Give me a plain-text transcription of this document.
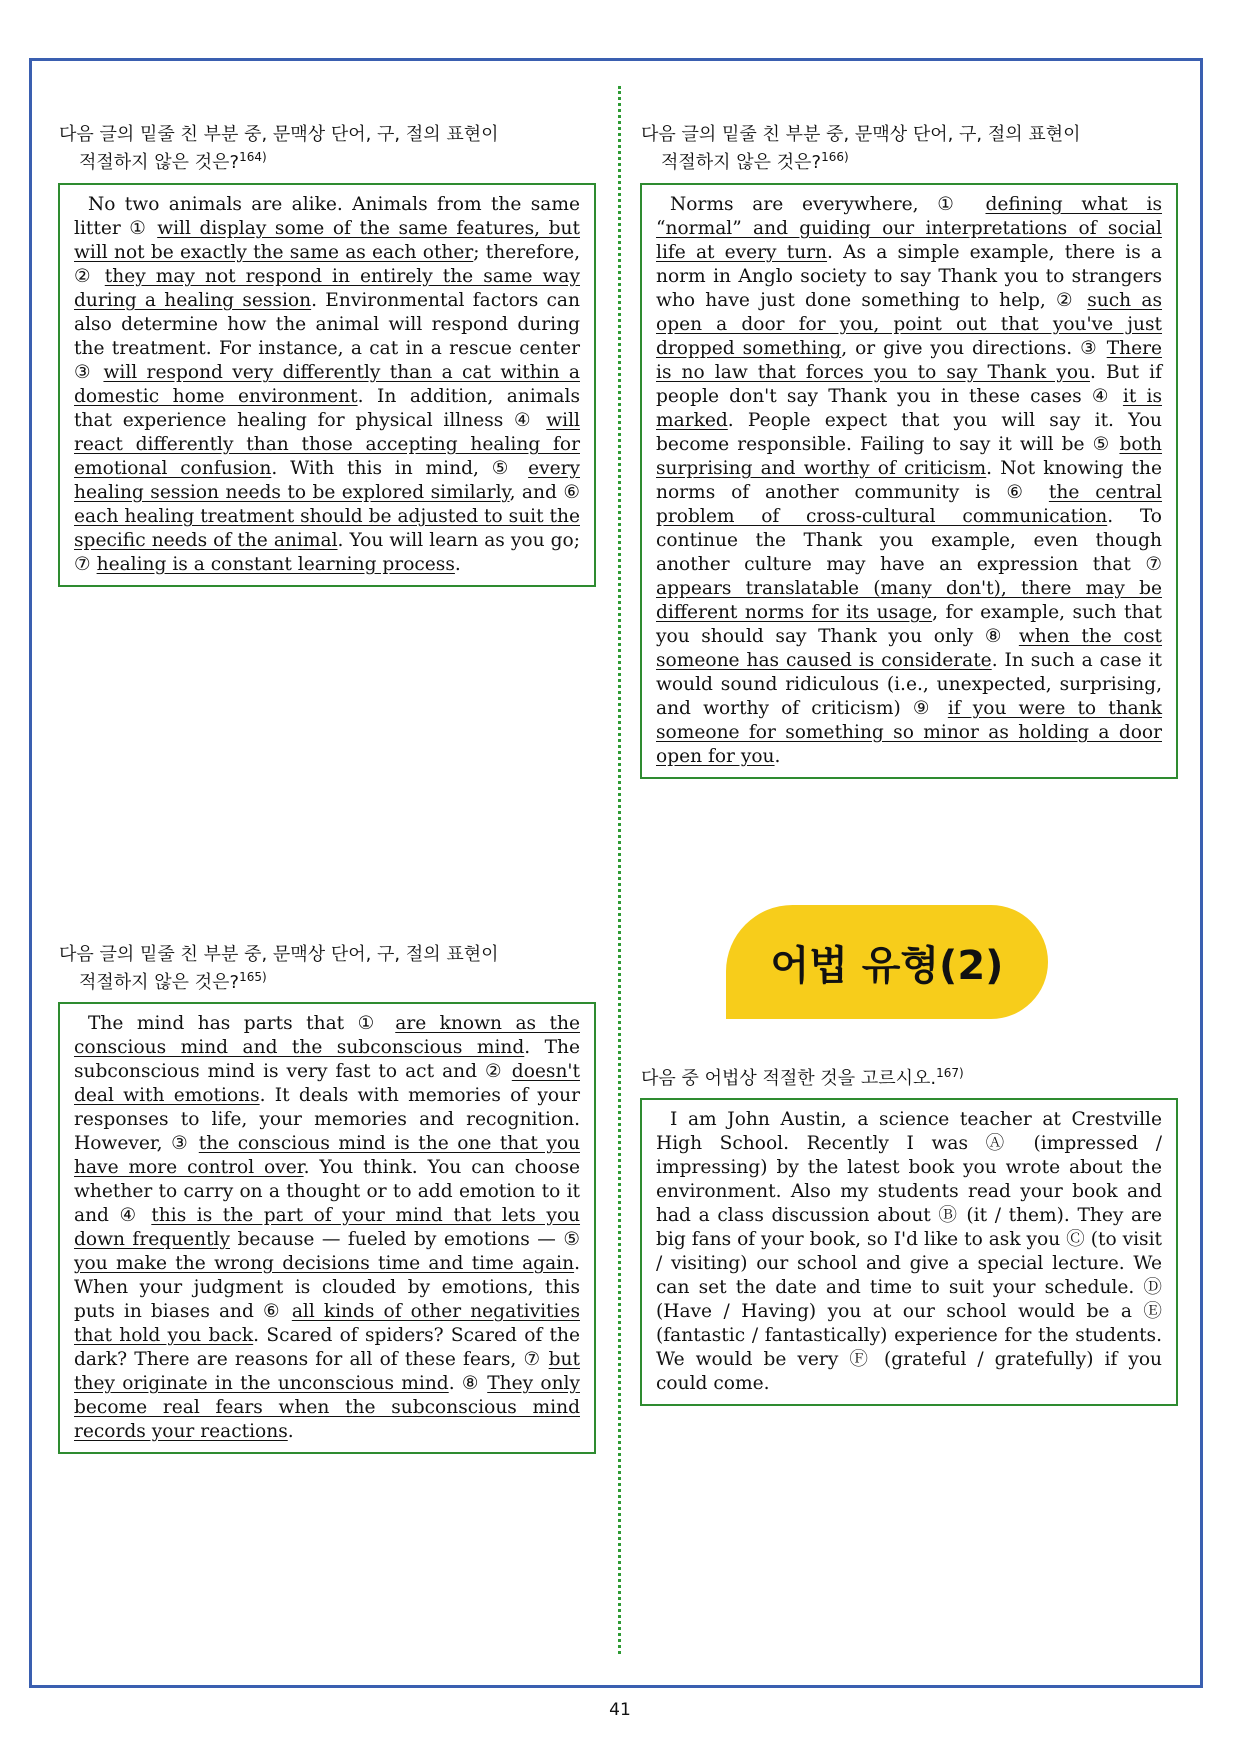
다음 글의 밑줄 친 부분 중, 문맥상 단어, 구, 절의 표현이
적절하지 않은 것은?$^{164)}$

No two animals are alike. Animals from the same litter ① will display some of the same features, but will not be exactly the same as each other; therefore, ② they may not respond in entirely the same way during a healing session. Environmental factors can also determine how the animal will respond during the treatment. For instance, a cat in a rescue center ③ will respond very differently than a cat within a domestic home environment. In addition, animals that experience healing for physical illness ④ will react differently than those accepting healing for emotional confusion. With this in mind, ⑤ every healing session needs to be explored similarly, and ⑥ each healing treatment should be adjusted to suit the specific needs of the animal. You will learn as you go; ⑦ healing is a constant learning process.

다음 글의 밑줄 친 부분 중, 문맥상 단어, 구, 절의 표현이
적절하지 않은 것은?$^{165)}$

The mind has parts that ① are known as the conscious mind and the subconscious mind. The subconscious mind is very fast to act and ② doesn't deal with emotions. It deals with memories of your responses to life, your memories and recognition. However, ③ the conscious mind is the one that you have more control over. You think. You can choose whether to carry on a thought or to add emotion to it and ④ this is the part of your mind that lets you down frequently because — fueled by emotions — ⑤ you make the wrong decisions time and time again. When your judgment is clouded by emotions, this puts in biases and ⑥ all kinds of other negativities that hold you back. Scared of spiders? Scared of the dark? There are reasons for all of these fears, ⑦ but they originate in the unconscious mind. ⑧ They only become real fears when the subconscious mind records your reactions.

다음 글의 밑줄 친 부분 중, 문맥상 단어, 구, 절의 표현이
적절하지 않은 것은?$^{166)}$

Norms are everywhere, ① defining what is “normal” and guiding our interpretations of social life at every turn. As a simple example, there is a norm in Anglo society to say Thank you to strangers who have just done something to help, ② such as open a door for you, point out that you've just dropped something, or give you directions. ③ There is no law that forces you to say Thank you. But if people don't say Thank you in these cases ④ it is marked. People expect that you will say it. You become responsible. Failing to say it will be ⑤ both surprising and worthy of criticism. Not knowing the norms of another community is ⑥ the central problem of cross-cultural communication. To continue the Thank you example, even though another culture may have an expression that ⑦ appears translatable (many don't), there may be different norms for its usage, for example, such that you should say Thank you only ⑧ when the cost someone has caused is considerate. In such a case it would sound ridiculous (i.e., unexpected, surprising, and worthy of criticism) ⑨ if you were to thank someone for something so minor as holding a door open for you.

어법 유형(2)
다음 중 어법상 적절한 것을 고르시오.$^{167)}$

I am John Austin, a science teacher at Crestville High School. Recently I was Ⓐ (impressed / impressing) by the latest book you wrote about the environment. Also my students read your book and had a class discussion about Ⓑ (it / them). They are big fans of your book, so I'd like to ask you Ⓒ (to visit / visiting) our school and give a special lecture. We can set the date and time to suit your schedule. Ⓓ (Have / Having) you at our school would be a Ⓔ (fantastic / fantastically) experience for the students. We would be very Ⓕ (grateful / gratefully) if you could come.

41
